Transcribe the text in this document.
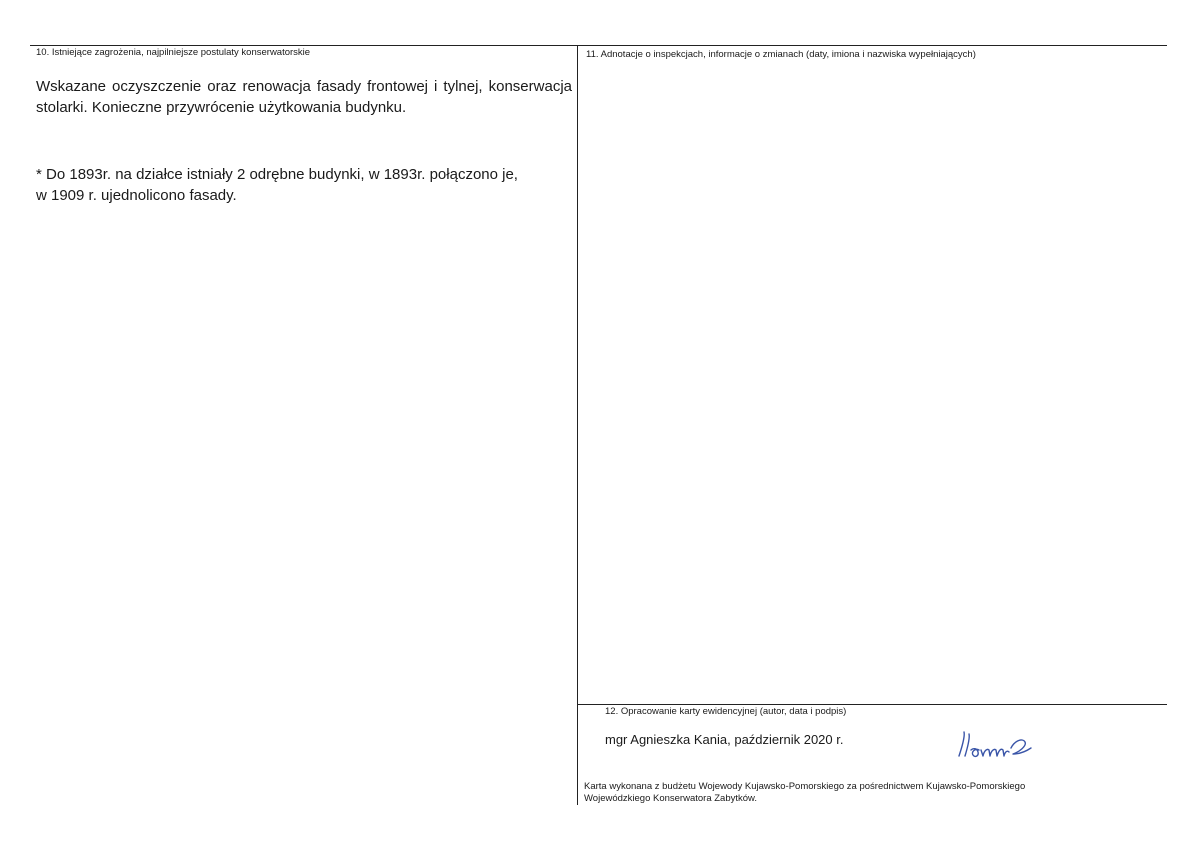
10. Istniejące zagrożenia, najpilniejsze postulaty konserwatorskie
Wskazane oczyszczenie oraz renowacja fasady frontowej i tylnej, konserwacja stolarki. Konieczne przywrócenie użytkowania budynku.
* Do 1893r. na działce istniały 2 odrębne budynki, w 1893r. połączono je,
w 1909 r. ujednolicono fasady.
11. Adnotacje o inspekcjach, informacje o zmianach (daty, imiona i nazwiska wypełniających)
12. Opracowanie karty ewidencyjnej (autor, data i podpis)
mgr Agnieszka Kania, październik 2020 r.
Karta wykonana z budżetu Wojewody Kujawsko-Pomorskiego za pośrednictwem Kujawsko-Pomorskiego
Wojewódzkiego Konserwatora Zabytków.
